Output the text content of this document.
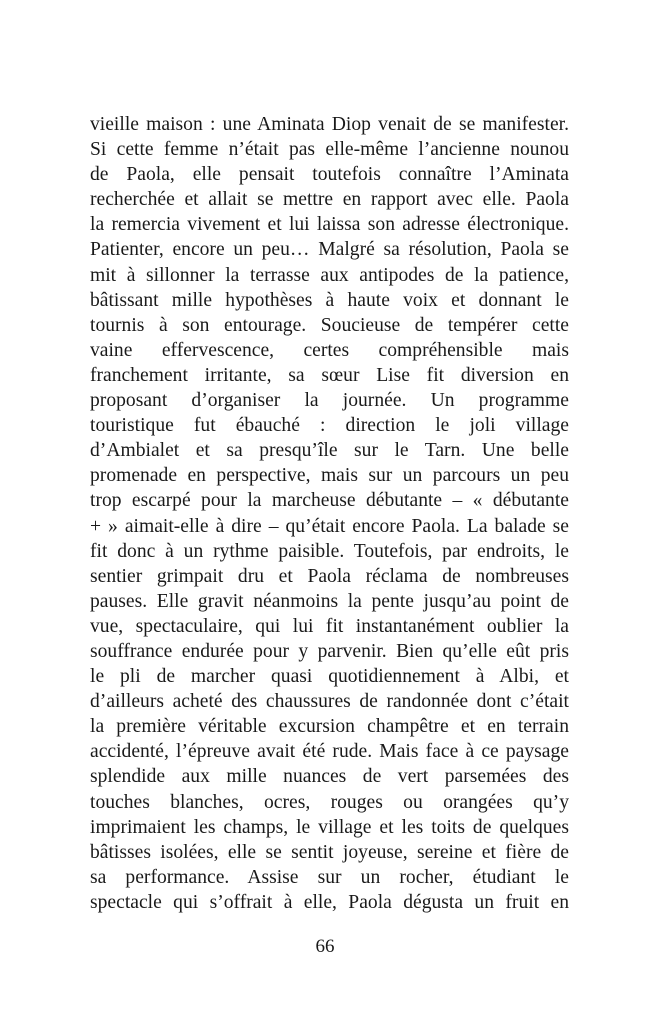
vieille maison : une Aminata Diop venait de se manifester.
Si cette femme n’était pas elle-même l’ancienne nounou
de Paola, elle pensait toutefois connaître l’Aminata
recherchée et allait se mettre en rapport avec elle. Paola
la remercia vivement et lui laissa son adresse électronique.
Patienter, encore un peu… Malgré sa résolution, Paola se
mit à sillonner la terrasse aux antipodes de la patience,
bâtissant mille hypothèses à haute voix et donnant le
tournis à son entourage. Soucieuse de tempérer cette
vaine effervescence, certes compréhensible mais
franchement irritante, sa sœur Lise fit diversion en
proposant d’organiser la journée. Un programme
touristique fut ébauché : direction le joli village
d’Ambialet et sa presqu’île sur le Tarn. Une belle
promenade en perspective, mais sur un parcours un peu
trop escarpé pour la marcheuse débutante – « débutante
+ » aimait-elle à dire – qu’était encore Paola. La balade se
fit donc à un rythme paisible. Toutefois, par endroits, le
sentier grimpait dru et Paola réclama de nombreuses
pauses. Elle gravit néanmoins la pente jusqu’au point de
vue, spectaculaire, qui lui fit instantanément oublier la
souffrance endurée pour y parvenir. Bien qu’elle eût pris
le pli de marcher quasi quotidiennement à Albi, et
d’ailleurs acheté des chaussures de randonnée dont c’était
la première véritable excursion champêtre et en terrain
accidenté, l’épreuve avait été rude. Mais face à ce paysage
splendide aux mille nuances de vert parsemées des
touches blanches, ocres, rouges ou orangées qu’y
imprimaient les champs, le village et les toits de quelques
bâtisses isolées, elle se sentit joyeuse, sereine et fière de
sa performance. Assise sur un rocher, étudiant le
spectacle qui s’offrait à elle, Paola dégusta un fruit en
66
